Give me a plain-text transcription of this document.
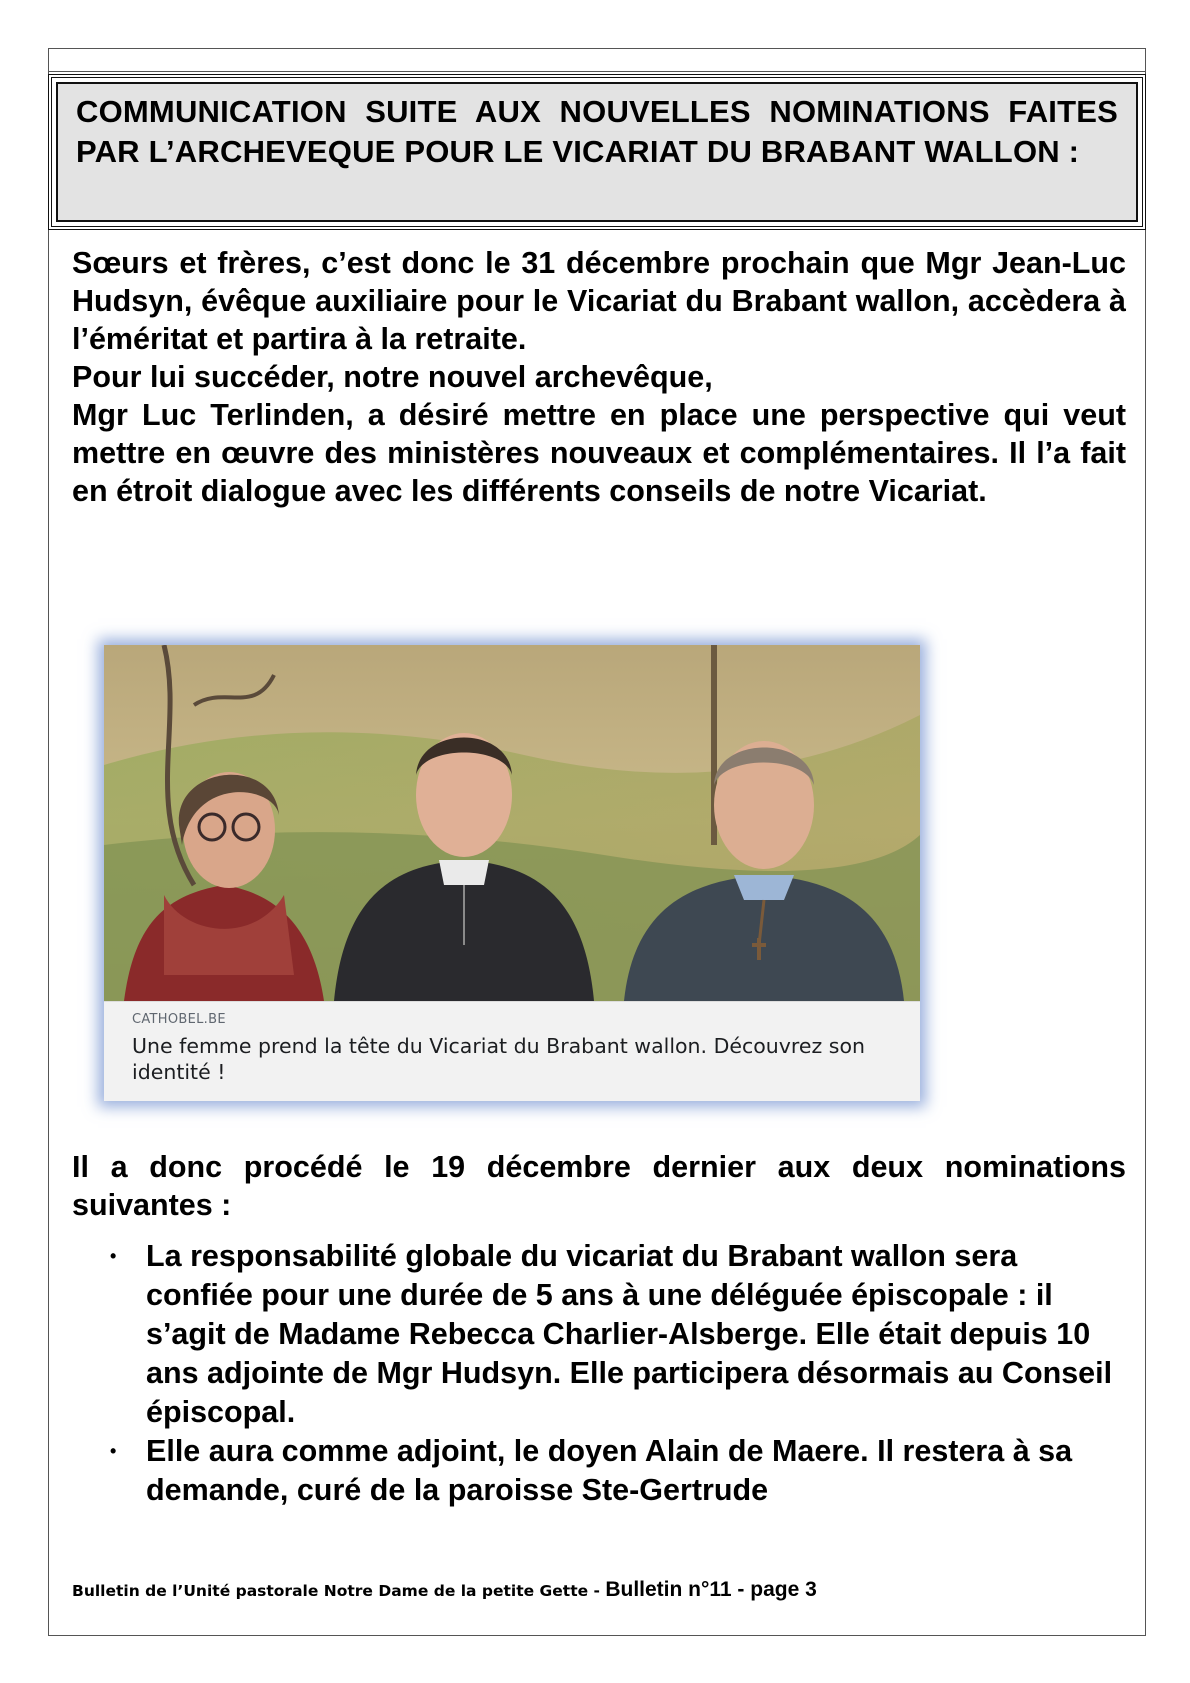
COMMUNICATION SUITE AUX NOUVELLES NOMINATIONS FAITES PAR L’ARCHEVEQUE POUR LE VICARIAT DU BRABANT WALLON :

Sœurs et frères, c’est donc le 31 décembre prochain que Mgr Jean-Luc Hudsyn, évêque auxiliaire pour le Vicariat du Brabant wallon, accèdera à l’éméritat et partira à la retraite.

Pour lui succéder, notre nouvel archevêque,

Mgr Luc Terlinden, a désiré mettre en place une perspective qui veut mettre en œuvre des ministères nouveaux et complémentaires. Il l’a fait en étroit dialogue avec les différents conseils de notre Vicariat.

CATHOBEL.BE

Une femme prend la tête du Vicariat du Brabant wallon. Découvrez son identité !

Il a donc procédé le 19 décembre dernier aux deux nominations suivantes :

• La responsabilité globale du vicariat du Brabant wallon sera confiée pour une durée de 5 ans à une déléguée épiscopale : il s’agit de Madame Rebecca Charlier-Alsberge. Elle était depuis 10 ans adjointe de Mgr Hudsyn. Elle participera désormais au Conseil épiscopal.
• Elle aura comme adjoint, le doyen Alain de Maere. Il restera à sa demande, curé de la paroisse Ste-Gertrude
Bulletin de l’Unité pastorale Notre Dame de la petite Gette - Bulletin n°11 - page 3
